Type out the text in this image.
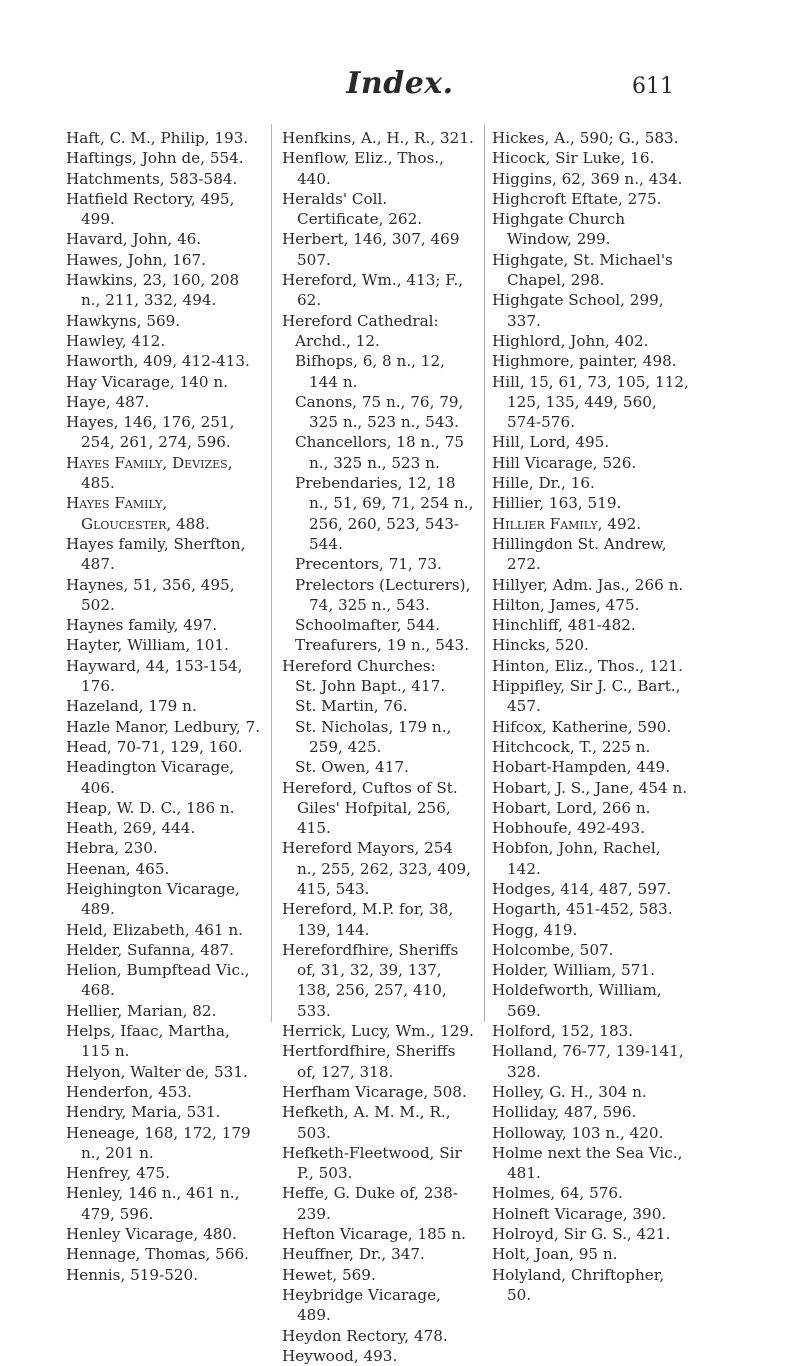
Index.	611

Haft, C. M., Philip, 193.

Haftings, John de, 554.

Hatchments, 583-584.

Hatfield Rectory, 495, 499.

Havard, John, 46.

Hawes, John, 167.

Hawkins, 23, 160, 208 n., 211, 332, 494.

Hawkyns, 569.

Hawley, 412.

Haworth, 409, 412-413.

Hay Vicarage, 140 n.

Haye, 487.

Hayes, 146, 176, 251, 254, 261, 274, 596.

Hayes Family, Devizes, 485.

Hayes Family, Gloucester, 488.

Hayes family, Sherfton, 487.

Haynes, 51, 356, 495, 502.

Haynes family, 497.

Hayter, William, 101.

Hayward, 44, 153-154, 176.

Hazeland, 179 n.

Hazle Manor, Ledbury, 7.

Head, 70-71, 129, 160.

Headington Vicarage, 406.

Heap, W. D. C., 186 n.

Heath, 269, 444.

Hebra, 230.

Heenan, 465.

Heighington Vicarage, 489.

Held, Elizabeth, 461 n.

Helder, Sufanna, 487.

Helion, Bumpftead Vic., 468.

Hellier, Marian, 82.

Helps, Ifaac, Martha, 115 n.

Helyon, Walter de, 531.

Henderfon, 453.

Hendry, Maria, 531.

Heneage, 168, 172, 179 n., 201 n.

Henfrey, 475.

Henley, 146 n., 461 n., 479, 596.

Henley Vicarage, 480.

Hennage, Thomas, 566.

Hennis, 519-520.

Henfkins, A., H., R., 321.

Henflow, Eliz., Thos., 440.

Heralds' Coll. Certificate, 262.

Herbert, 146, 307, 469 507.

Hereford, Wm., 413; F., 62.

Hereford Cathedral:

Archd., 12.

Bifhops, 6, 8 n., 12, 144 n.

Canons, 75 n., 76, 79, 325 n., 523 n., 543.

Chancellors, 18 n., 75 n., 325 n., 523 n.

Prebendaries, 12, 18 n., 51, 69, 71, 254 n., 256, 260, 523, 543-544.

Precentors, 71, 73.

Prelectors (Lecturers), 74, 325 n., 543.

Schoolmafter, 544.

Treafurers, 19 n., 543.

Hereford Churches:

St. John Bapt., 417.

St. Martin, 76.

St. Nicholas, 179 n., 259, 425.

St. Owen, 417.

Hereford, Cuftos of St. Giles' Hofpital, 256, 415.

Hereford Mayors, 254 n., 255, 262, 323, 409, 415, 543.

Hereford, M.P. for, 38, 139, 144.

Herefordfhire, Sheriffs of, 31, 32, 39, 137, 138, 256, 257, 410, 533.

Herrick, Lucy, Wm., 129.

Hertfordfhire, Sheriffs of, 127, 318.

Herfham Vicarage, 508.

Hefketh, A. M. M., R., 503.

Hefketh-Fleetwood, Sir P., 503.

Heffe, G. Duke of, 238-239.

Hefton Vicarage, 185 n.

Heuffner, Dr., 347.

Hewet, 569.

Heybridge Vicarage, 489.

Heydon Rectory, 478.

Heywood, 493.

Hickes, A., 590; G., 583.

Hicock, Sir Luke, 16.

Higgins, 62, 369 n., 434.

Highcroft Eftate, 275.

Highgate Church Window, 299.

Highgate, St. Michael's Chapel, 298.

Highgate School, 299, 337.

Highlord, John, 402.

Highmore, painter, 498.

Hill, 15, 61, 73, 105, 112, 125, 135, 449, 560, 574-576.

Hill, Lord, 495.

Hill Vicarage, 526.

Hille, Dr., 16.

Hillier, 163, 519.

Hillier Family, 492.

Hillingdon St. Andrew, 272.

Hillyer, Adm. Jas., 266 n.

Hilton, James, 475.

Hinchliff, 481-482.

Hincks, 520.

Hinton, Eliz., Thos., 121.

Hippifley, Sir J. C., Bart., 457.

Hifcox, Katherine, 590.

Hitchcock, T., 225 n.

Hobart-Hampden, 449.

Hobart, J. S., Jane, 454 n.

Hobart, Lord, 266 n.

Hobhoufe, 492-493.

Hobfon, John, Rachel, 142.

Hodges, 414, 487, 597.

Hogarth, 451-452, 583.

Hogg, 419.

Holcombe, 507.

Holder, William, 571.

Holdefworth, William, 569.

Holford, 152, 183.

Holland, 76-77, 139-141, 328.

Holley, G. H., 304 n.

Holliday, 487, 596.

Holloway, 103 n., 420.

Holme next the Sea Vic., 481.

Holmes, 64, 576.

Holneft Vicarage, 390.

Holroyd, Sir G. S., 421.

Holt, Joan, 95 n.

Holyland, Chriftopher, 50.
